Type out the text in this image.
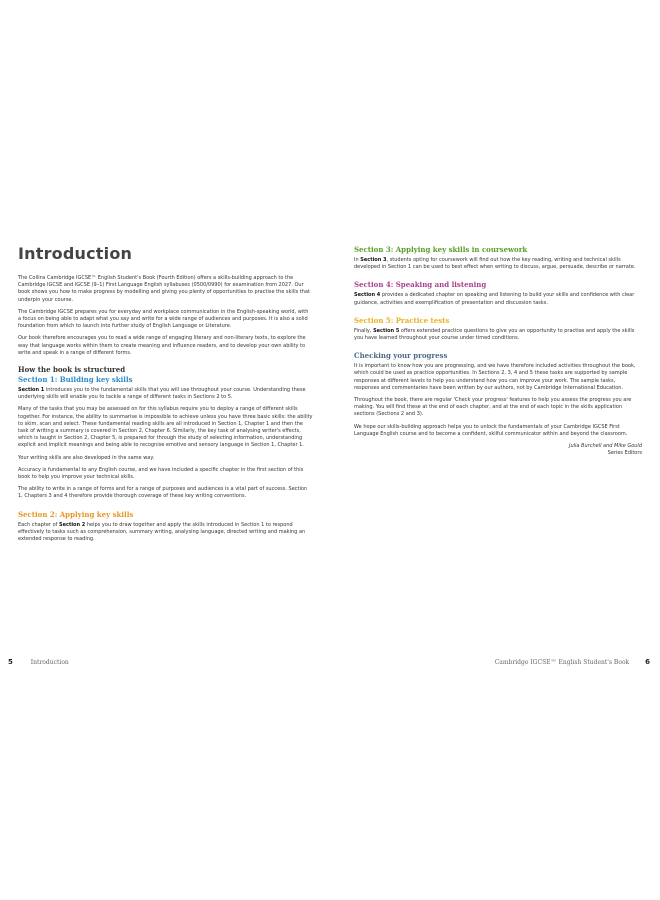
Introduction

The Collins Cambridge IGCSE™ English Student's Book (Fourth Edition) offers a skills-building approach to the Cambridge IGCSE and IGCSE (9–1) First Language English syllabuses (0500/0990) for examination from 2027. Our book shows you how to make progress by modelling and giving you plenty of opportunities to practise the skills that underpin your course.

The Cambridge IGCSE prepares you for everyday and workplace communication in the English-speaking world, with a focus on being able to adapt what you say and write for a wide range of audiences and purposes. It is also a solid foundation from which to launch into further study of English Language or Literature.

Our book therefore encourages you to read a wide range of engaging literary and non-literary texts, to explore the way that language works within them to create meaning and influence readers, and to develop your own ability to write and speak in a range of different forms.

How the book is structured
Section 1: Building key skills

Section 1 introduces you to the fundamental skills that you will use throughout your course. Understanding these underlying skills will enable you to tackle a range of different tasks in Sections 2 to 5.

Many of the tasks that you may be assessed on for this syllabus require you to deploy a range of different skills together. For instance, the ability to summarise is impossible to achieve unless you have three basic skills: the ability to skim, scan and select. These fundamental reading skills are all introduced in Section 1, Chapter 1 and then the task of writing a summary is covered in Section 2, Chapter 6. Similarly, the key task of analysing writer's effects, which is taught in Section 2, Chapter 5, is prepared for through the study of selecting information, understanding explicit and implicit meanings and being able to recognise emotive and sensory language in Section 1, Chapter 1.

Your writing skills are also developed in the same way.

Accuracy is fundamental to any English course, and we have included a specific chapter in the first section of this book to help you improve your technical skills.

The ability to write in a range of forms and for a range of purposes and audiences is a vital part of success. Section 1, Chapters 3 and 4 therefore provide thorough coverage of these key writing conventions.

Section 2: Applying key skills

Each chapter of Section 2 helps you to draw together and apply the skills introduced in Section 1 to respond effectively to tasks such as comprehension, summary writing, analysing language, directed writing and making an extended response to reading.

Section 3: Applying key skills in coursework

In Section 3, students opting for coursework will find out how the key reading, writing and technical skills developed in Section 1 can be used to best effect when writing to discuss, argue, persuade, describe or narrate.

Section 4: Speaking and listening

Section 4 provides a dedicated chapter on speaking and listening to build your skills and confidence with clear guidance, activities and exemplification of presentation and discussion tasks.

Section 5: Practice tests

Finally, Section 5 offers extended practice questions to give you an opportunity to practise and apply the skills you have learned throughout your course under timed conditions.

Checking your progress

It is important to know how you are progressing, and we have therefore included activities throughout the book, which could be used as practice opportunities. In Sections 2, 3, 4 and 5 these tasks are supported by sample responses at different levels to help you understand how you can improve your work. The sample tasks, responses and commentaries have been written by our authors, not by Cambridge International Education.

Throughout the book, there are regular 'Check your progress' features to help you assess the progress you are making. You will find these at the end of each chapter, and at the end of each topic in the skills application sections (Sections 2 and 3).

We hope our skills-building approach helps you to unlock the fundamentals of your Cambridge IGCSE First Language English course and to become a confident, skilful communicator within and beyond the classroom.

Julia Burchell and Mike Gould

Series Editors

5	Introduction	Cambridge IGCSE™ English Student's Book 6
